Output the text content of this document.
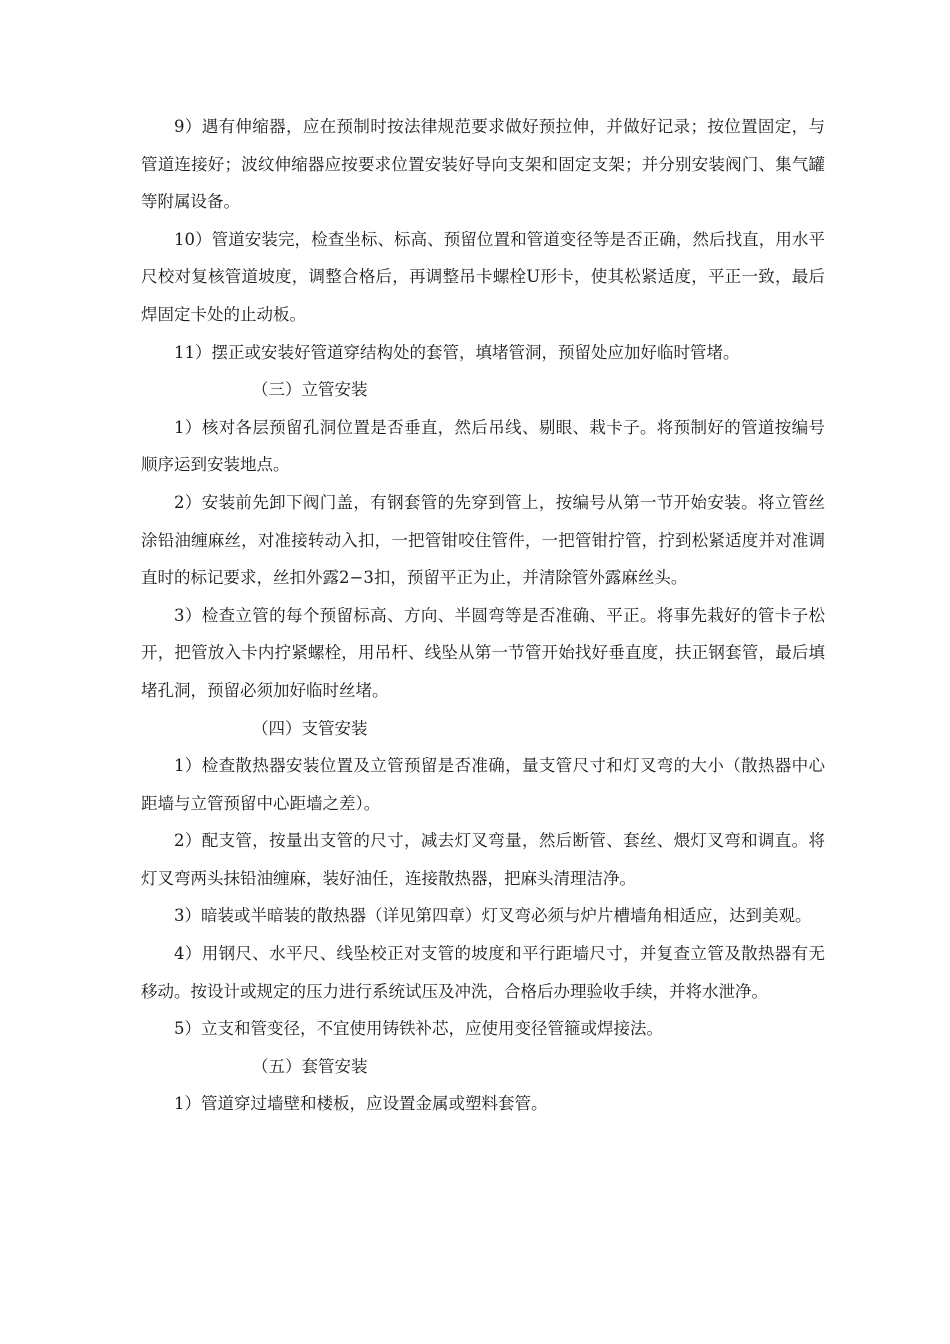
9）遇有伸缩器，应在预制时按法律规范要求做好预拉伸，并做好记录；按位置固定，与管道连接好；波纹伸缩器应按要求位置安装好导向支架和固定支架；并分别安装阀门、集气罐等附属设备。

10）管道安装完，检查坐标、标高、预留位置和管道变径等是否正确，然后找直，用水平尺校对复核管道坡度，调整合格后，再调整吊卡螺栓U形卡，使其松紧适度，平正一致，最后焊固定卡处的止动板。

11）摆正或安装好管道穿结构处的套管，填堵管洞，预留处应加好临时管堵。

（三）立管安装

1）核对各层预留孔洞位置是否垂直，然后吊线、剔眼、栽卡子。将预制好的管道按编号顺序运到安装地点。

2）安装前先卸下阀门盖，有钢套管的先穿到管上，按编号从第一节开始安装。将立管丝涂铅油缠麻丝，对准接转动入扣，一把管钳咬住管件，一把管钳拧管，拧到松紧适度并对准调直时的标记要求，丝扣外露2−3扣，预留平正为止，并清除管外露麻丝头。

3）检查立管的每个预留标高、方向、半圆弯等是否准确、平正。将事先栽好的管卡子松开，把管放入卡内拧紧螺栓，用吊杆、线坠从第一节管开始找好垂直度，扶正钢套管，最后填堵孔洞，预留必须加好临时丝堵。

（四）支管安装

1）检查散热器安装位置及立管预留是否准确，量支管尺寸和灯叉弯的大小（散热器中心距墙与立管预留中心距墙之差）。

2）配支管，按量出支管的尺寸，减去灯叉弯量，然后断管、套丝、煨灯叉弯和调直。将灯叉弯两头抹铅油缠麻，装好油任，连接散热器，把麻头清理洁净。

3）暗装或半暗装的散热器（详见第四章）灯叉弯必须与炉片槽墙角相适应，达到美观。

4）用钢尺、水平尺、线坠校正对支管的坡度和平行距墙尺寸，并复查立管及散热器有无移动。按设计或规定的压力进行系统试压及冲洗，合格后办理验收手续，并将水泄净。

5）立支和管变径，不宜使用铸铁补芯，应使用变径管箍或焊接法。

（五）套管安装

1）管道穿过墙壁和楼板，应设置金属或塑料套管。
